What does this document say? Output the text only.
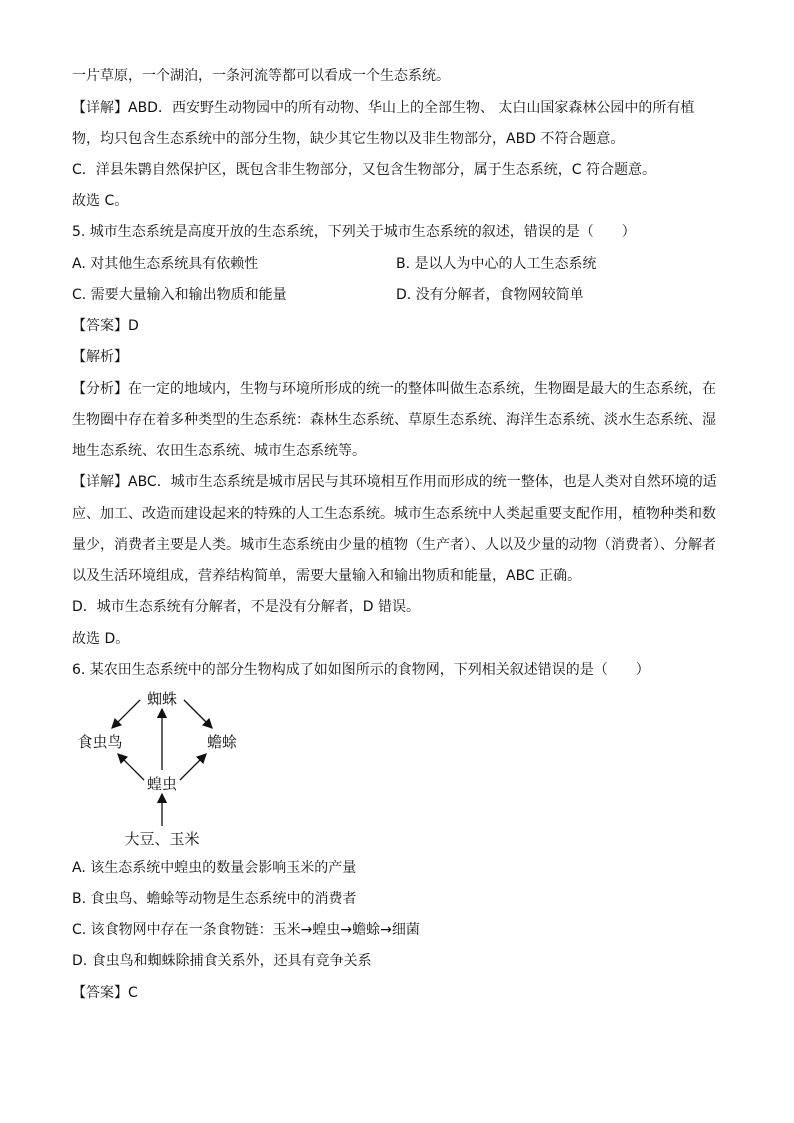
一片草原，一个湖泊，一条河流等都可以看成一个生态系统。
【详解】ABD．西安野生动物园中的所有动物、华山上的全部生物、 太白山国家森林公园中的所有植
物，均只包含生态系统中的部分生物，缺少其它生物以及非生物部分，ABD 不符合题意。
C．洋县朱鹮自然保护区，既包含非生物部分，又包含生物部分，属于生态系统，C 符合题意。
故选 C。
5. 城市生态系统是高度开放的生态系统，下列关于城市生态系统的叙述，错误的是（　　）
A. 对其他生态系统具有依赖性	B. 是以人为中心的人工生态系统
C. 需要大量输入和输出物质和能量	D. 没有分解者，食物网较简单
【答案】D
【解析】
【分析】在一定的地域内，生物与环境所形成的统一的整体叫做生态系统，生物圈是最大的生态系统，在
生物圈中存在着多种类型的生态系统：森林生态系统、草原生态系统、海洋生态系统、淡水生态系统、湿
地生态系统、农田生态系统、城市生态系统等。
【详解】ABC．城市生态系统是城市居民与其环境相互作用而形成的统一整体，也是人类对自然环境的适
应、加工、改造而建设起来的特殊的人工生态系统。城市生态系统中人类起重要支配作用，植物种类和数
量少，消费者主要是人类。城市生态系统由少量的植物（生产者）、人以及少量的动物（消费者）、分解者
以及生活环境组成，营养结构简单，需要大量输入和输出物质和能量，ABC 正确。
D．城市生态系统有分解者，不是没有分解者，D 错误。
故选 D。
6. 某农田生态系统中的部分生物构成了如如图所示的食物网，下列相关叙述错误的是（　　）
蜘蛛
食虫鸟	蟾蜍
蝗虫
大豆、玉米
A. 该生态系统中蝗虫的数量会影响玉米的产量
B. 食虫鸟、蟾蜍等动物是生态系统中的消费者
C. 该食物网中存在一条食物链：玉米→蝗虫→蟾蜍→细菌
D. 食虫鸟和蜘蛛除捕食关系外，还具有竞争关系
【答案】C
